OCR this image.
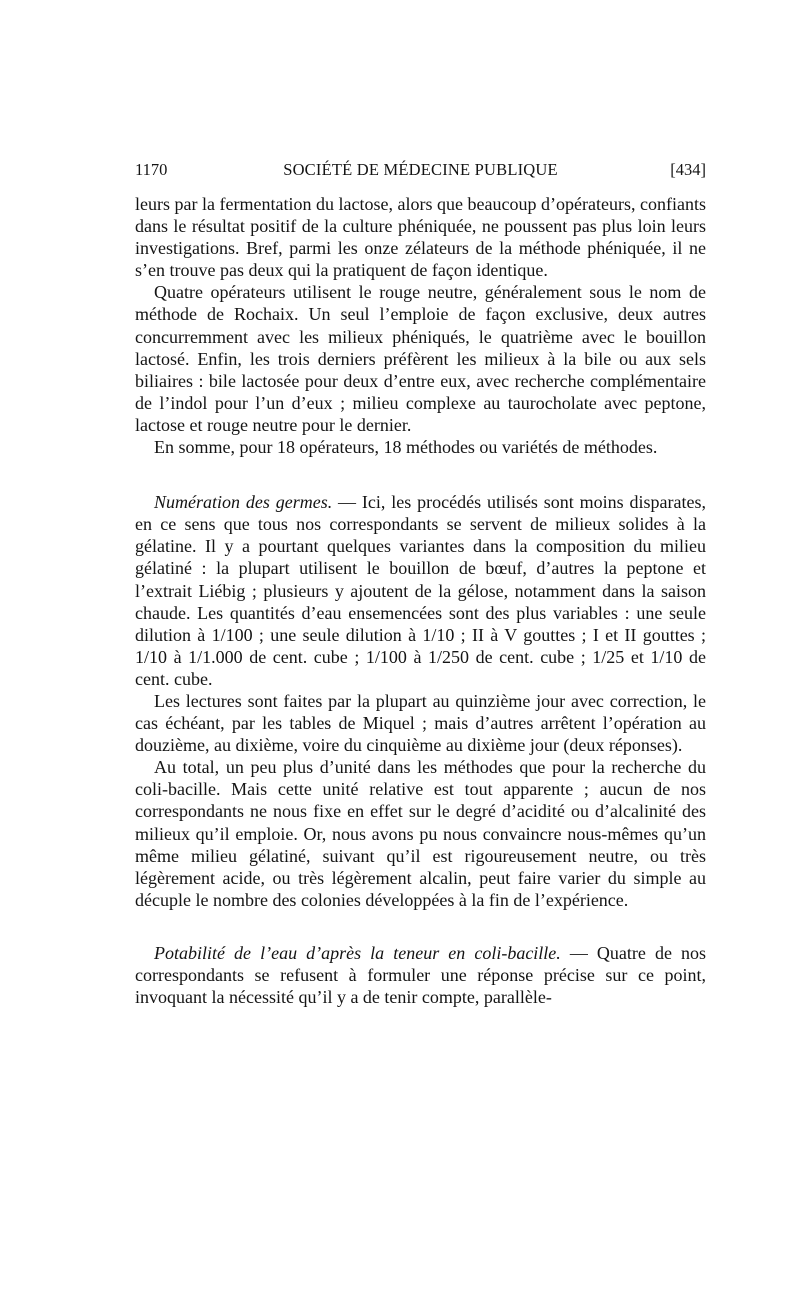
1170	SOCIÉTÉ DE MÉDECINE PUBLIQUE	[434]

leurs par la fermentation du lactose, alors que beaucoup d’opérateurs, confiants dans le résultat positif de la culture phéniquée, ne poussent pas plus loin leurs investigations. Bref, parmi les onze zélateurs de la méthode phéniquée, il ne s’en trouve pas deux qui la pratiquent de façon identique.

Quatre opérateurs utilisent le rouge neutre, généralement sous le nom de méthode de Rochaix. Un seul l’emploie de façon exclusive, deux autres concurremment avec les milieux phéniqués, le quatrième avec le bouillon lactosé. Enfin, les trois derniers préfèrent les milieux à la bile ou aux sels biliaires : bile lactosée pour deux d’entre eux, avec recherche complémentaire de l’indol pour l’un d’eux ; milieu complexe au taurocholate avec peptone, lactose et rouge neutre pour le dernier.

En somme, pour 18 opérateurs, 18 méthodes ou variétés de méthodes.

Numération des germes. — Ici, les procédés utilisés sont moins disparates, en ce sens que tous nos correspondants se servent de milieux solides à la gélatine. Il y a pourtant quelques variantes dans la composition du milieu gélatiné : la plupart utilisent le bouillon de bœuf, d’autres la peptone et l’extrait Liébig ; plusieurs y ajoutent de la gélose, notamment dans la saison chaude. Les quantités d’eau ensemencées sont des plus variables : une seule dilution à 1/100 ; une seule dilution à 1/10 ; II à V gouttes ; I et II gouttes ; 1/10 à 1/1.000 de cent. cube ; 1/100 à 1/250 de cent. cube ; 1/25 et 1/10 de cent. cube.

Les lectures sont faites par la plupart au quinzième jour avec correction, le cas échéant, par les tables de Miquel ; mais d’autres arrêtent l’opération au douzième, au dixième, voire du cinquième au dixième jour (deux réponses).

Au total, un peu plus d’unité dans les méthodes que pour la recherche du coli-bacille. Mais cette unité relative est tout apparente ; aucun de nos correspondants ne nous fixe en effet sur le degré d’acidité ou d’alcalinité des milieux qu’il emploie. Or, nous avons pu nous convaincre nous-mêmes qu’un même milieu gélatiné, suivant qu’il est rigoureusement neutre, ou très légèrement acide, ou très légèrement alcalin, peut faire varier du simple au décuple le nombre des colonies développées à la fin de l’expérience.

Potabilité de l’eau d’après la teneur en coli-bacille. — Quatre de nos correspondants se refusent à formuler une réponse précise sur ce point, invoquant la nécessité qu’il y a de tenir compte, parallèle-
